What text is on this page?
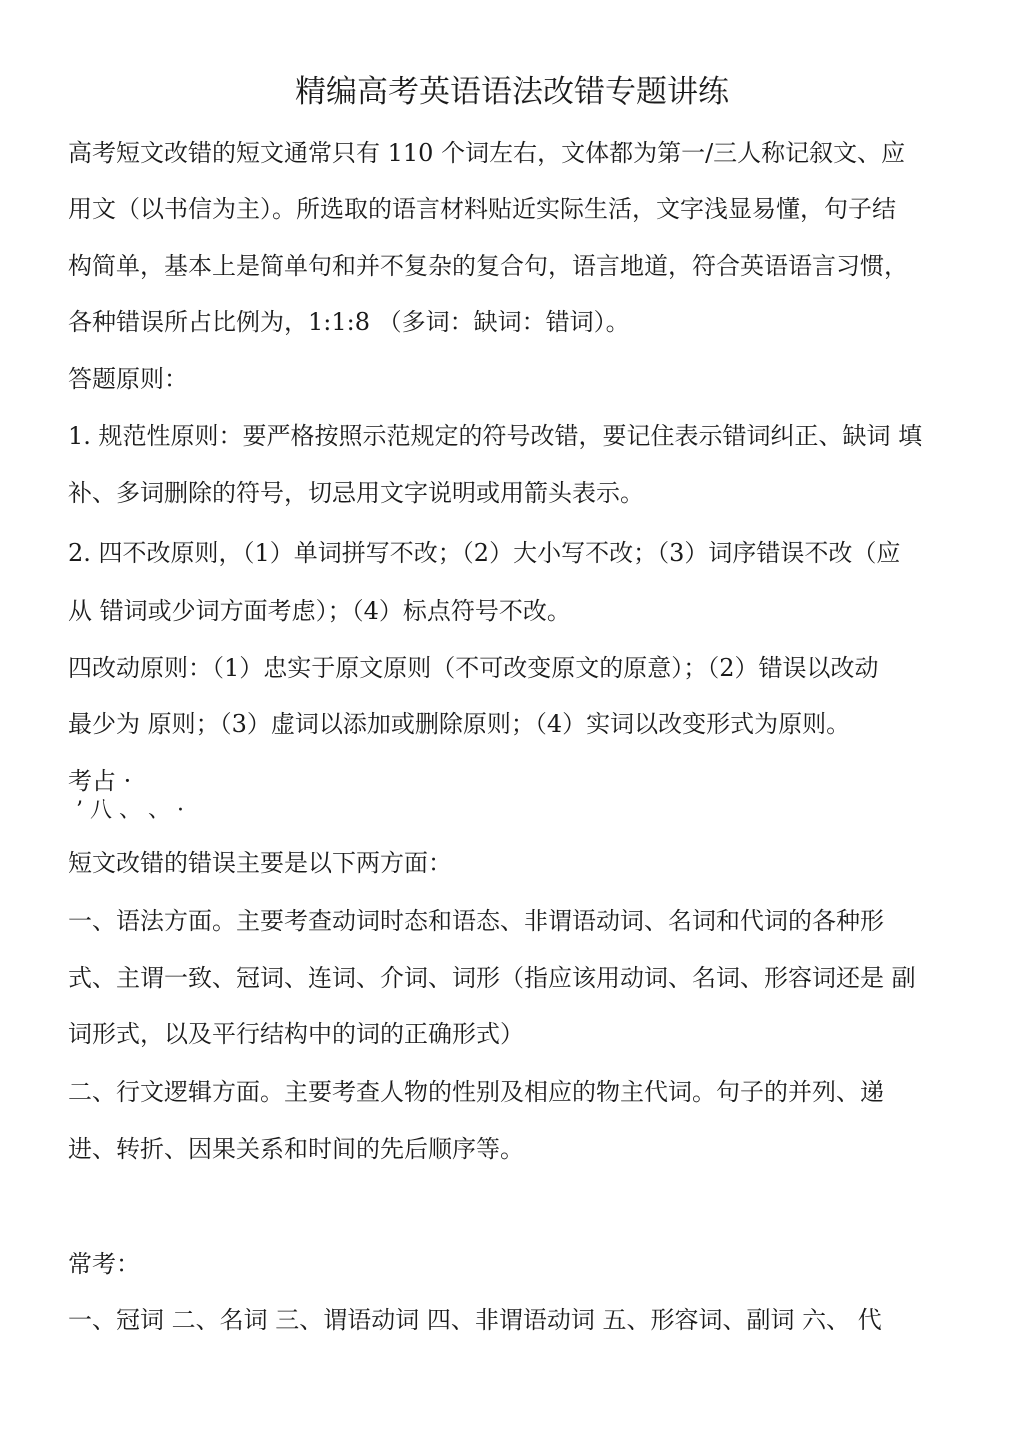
精编高考英语语法改错专题讲练
高考短文改错的短文通常只有 110 个词左右，文体都为第一/三人称记叙文、应
用文（以书信为主）。所选取的语言材料贴近实际生活，文字浅显易懂，句子结
构简单，基本上是简单句和并不复杂的复合句，语言地道，符合英语语言习惯，
各种错误所占比例为，1:1:8 （多词：缺词：错词）。
答题原则：
1. 规范性原则：要严格按照示范规定的符号改错，要记住表示错词纠正、缺词 填
补、多词删除的符号，切忌用文字说明或用箭头表示。
2. 四不改原则，（1）单词拼写不改；（2）大小写不改；（3）词序错误不改（应
从 错词或少词方面考虑）；（4）标点符号不改。
四改动原则：（1）忠实于原文原则（不可改变原文的原意）；（2）错误以改动
最少为 原则；（3）虚词以添加或删除原则；（4）实词以改变形式为原则。
考占 ·
’ 八 、 、 ·
短文改错的错误主要是以下两方面：
一、语法方面。主要考查动词时态和语态、非谓语动词、名词和代词的各种形
式、主谓一致、冠词、连词、介词、词形（指应该用动词、名词、形容词还是 副
词形式，以及平行结构中的词的正确形式）
二、行文逻辑方面。主要考查人物的性别及相应的物主代词。句子的并列、递
进、转折、因果关系和时间的先后顺序等。
常考：
一、冠词 二、名词 三、谓语动词 四、非谓语动词 五、形容词、副词 六、 代
